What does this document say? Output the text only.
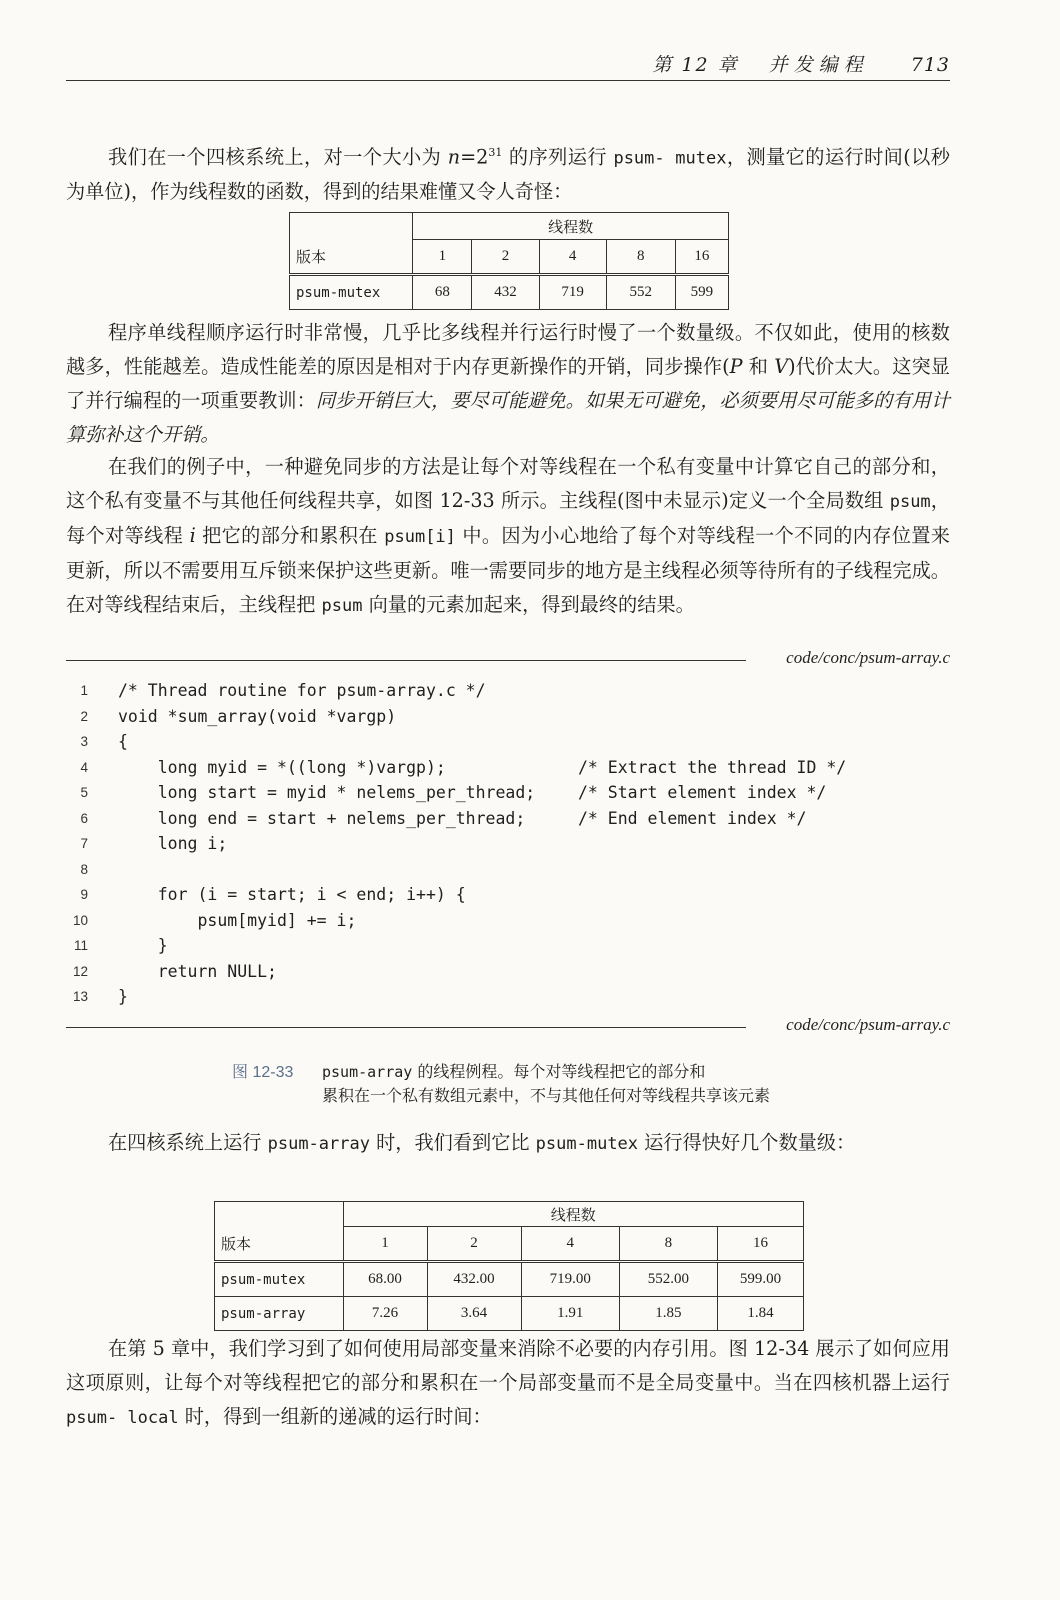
第 12 章 并发编程 713

我们在一个四核系统上，对一个大小为 $n=2^{31}$ 的序列运行 psum- mutex，测量它的运行时间(以秒为单位)，作为线程数的函数，得到的结果难懂又令人奇怪：

	线程数				
版本	1	2	4	8	16
psum-mutex	68	432	719	552	599

程序单线程顺序运行时非常慢，几乎比多线程并行运行时慢了一个数量级。不仅如此，使用的核数越多，性能越差。造成性能差的原因是相对于内存更新操作的开销，同步操作(P 和 V)代价太大。这突显了并行编程的一项重要教训：同步开销巨大，要尽可能避免。如果无可避免，必须要用尽可能多的有用计算弥补这个开销。

在我们的例子中，一种避免同步的方法是让每个对等线程在一个私有变量中计算它自己的部分和，这个私有变量不与其他任何线程共享，如图 12-33 所示。主线程(图中未显示)定义一个全局数组 psum，每个对等线程 i 把它的部分和累积在 psum[i] 中。因为小心地给了每个对等线程一个不同的内存位置来更新，所以不需要用互斥锁来保护这些更新。唯一需要同步的地方是主线程必须等待所有的子线程完成。在对等线程结束后，主线程把 psum 向量的元素加起来，得到最终的结果。

code/conc/psum-array.c
1 /* Thread routine for psum-array.c */
2 void *sum_array(void *vargp)
3 {
4 long myid = *((long *)vargp);	/* Extract the thread ID */
5 long start = myid * nelems_per_thread;	/* Start element index */
6 long end = start + nelems_per_thread;	/* End element index */
7 long i;
8
9 for (i = start; i < end; i++) {
10 psum[myid] += i;
11 }
12 return NULL;
13 }
code/conc/psum-array.c
图 12-33 psum-array 的线程例程。每个对等线程把它的部分和
累积在一个私有数组元素中，不与其他任何对等线程共享该元素

在四核系统上运行 psum-array 时，我们看到它比 psum-mutex 运行得快好几个数量级：

	线程数				
版本	1	2	4	8	16
psum-mutex	68.00	432.00	719.00	552.00	599.00
psum-array	7.26	3.64	1.91	1.85	1.84

在第 5 章中，我们学习到了如何使用局部变量来消除不必要的内存引用。图 12-34 展示了如何应用这项原则，让每个对等线程把它的部分和累积在一个局部变量而不是全局变量中。当在四核机器上运行 psum- local 时，得到一组新的递减的运行时间：
